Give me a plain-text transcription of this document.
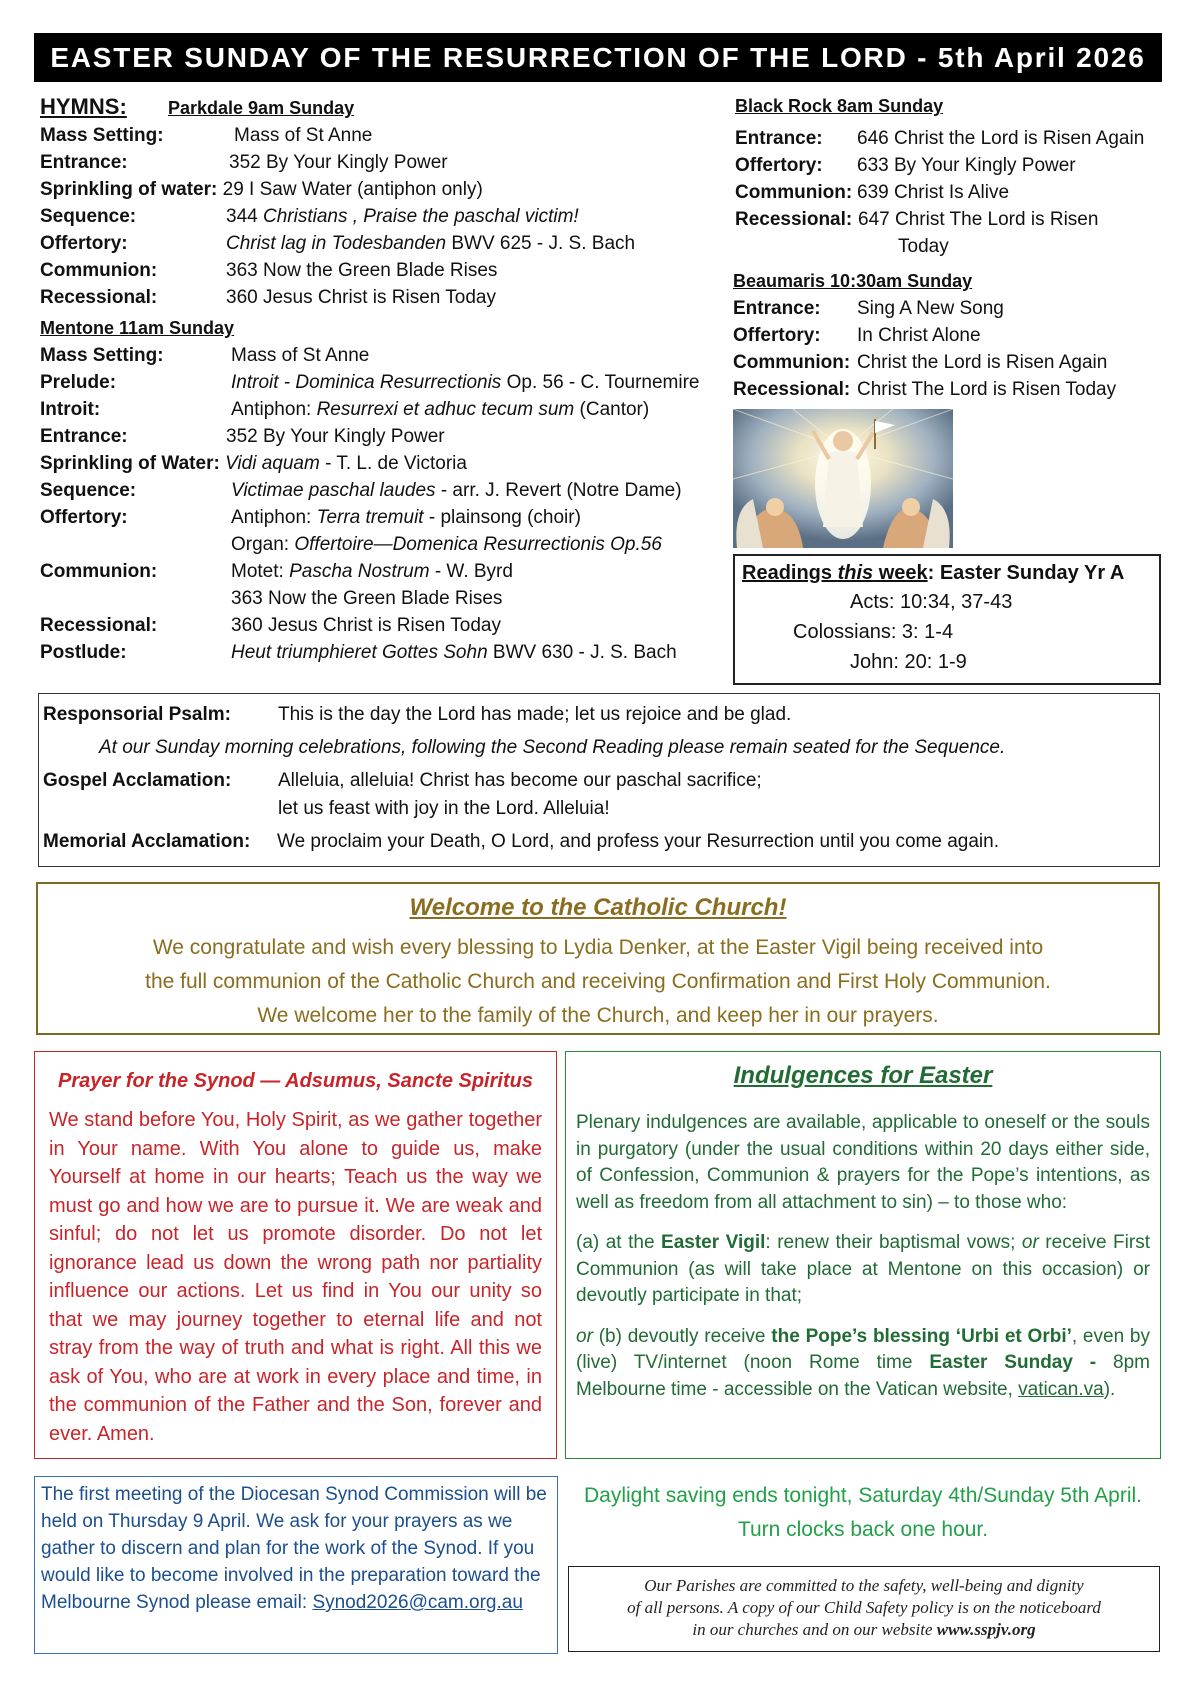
EASTER SUNDAY OF THE RESURRECTION OF THE LORD - 5th April 2026
HYMNS: Parkdale 9am Sunday
Mass Setting:	Mass of St Anne
Entrance:	352 By Your Kingly Power
Sprinkling of water: 29 I Saw Water (antiphon only)
Sequence:	344 Christians , Praise the paschal victim!
Offertory:	Christ lag in Todesbanden BWV 625 - J. S. Bach
Communion:	363 Now the Green Blade Rises
Recessional:	360 Jesus Christ is Risen Today
Mentone 11am Sunday
Mass Setting:	Mass of St Anne
Prelude:	Introit - Dominica Resurrectionis Op. 56 - C. Tournemire
Introit:	Antiphon: Resurrexi et adhuc tecum sum (Cantor)
Entrance:	352 By Your Kingly Power
Sprinkling of Water: Vidi aquam - T. L. de Victoria
Sequence:	Victimae paschal laudes - arr. J. Revert (Notre Dame)
Offertory:	Antiphon: Terra tremuit - plainsong (choir)
Organ: Offertoire—Domenica Resurrectionis Op.56
Communion:	Motet: Pascha Nostrum - W. Byrd
363 Now the Green Blade Rises
Recessional:	360 Jesus Christ is Risen Today
Postlude:	Heut triumphieret Gottes Sohn BWV 630 - J. S. Bach
Black Rock 8am Sunday
Entrance: 646 Christ the Lord is Risen Again
Offertory: 633 By Your Kingly Power
Communion: 639 Christ Is Alive
Recessional: 647 Christ The Lord is Risen
Today
Beaumaris 10:30am Sunday
Entrance: Sing A New Song
Offertory: In Christ Alone
Communion: Christ the Lord is Risen Again
Recessional: Christ The Lord is Risen Today
Readings this week: Easter Sunday Yr A
Acts: 10:34, 37-43
Colossians: 3: 1-4
John: 20: 1-9
Responsorial Psalm: This is the day the Lord has made; let us rejoice and be glad.
At our Sunday morning celebrations, following the Second Reading please remain seated for the Sequence.
Gospel Acclamation: Alleluia, alleluia! Christ has become our paschal sacrifice;
let us feast with joy in the Lord. Alleluia!
Memorial Acclamation: We proclaim your Death, O Lord, and profess your Resurrection until you come again.
Welcome to the Catholic Church!
We congratulate and wish every blessing to Lydia Denker, at the Easter Vigil being received into
the full communion of the Catholic Church and receiving Confirmation and First Holy Communion.
We welcome her to the family of the Church, and keep her in our prayers.
Prayer for the Synod — Adsumus, Sancte Spiritus
We stand before You, Holy Spirit, as we gather together in Your name. With You alone to guide us, make Yourself at home in our hearts; Teach us the way we must go and how we are to pursue it. We are weak and sinful; do not let us promote disorder. Do not let ignorance lead us down the wrong path nor partiality influence our actions. Let us find in You our unity so that we may journey together to eternal life and not stray from the way of truth and what is right. All this we ask of You, who are at work in every place and time, in the communion of the Father and the Son, forever and ever. Amen.
Indulgences for Easter

Plenary indulgences are available, applicable to oneself or the souls in purgatory (under the usual conditions within 20 days either side, of Confession, Communion & prayers for the Pope’s intentions, as well as freedom from all attachment to sin) – to those who:

(a) at the Easter Vigil: renew their baptismal vows; or receive First Communion (as will take place at Mentone on this occasion) or devoutly participate in that;

or (b) devoutly receive the Pope’s blessing ‘Urbi et Orbi’, even by (live) TV/internet (noon Rome time Easter Sunday - 8pm Melbourne time - accessible on the Vatican website, vatican.va).

The first meeting of the Diocesan Synod Commission will be held on Thursday 9 April. We ask for your prayers as we gather to discern and plan for the work of the Synod. If you would like to become involved in the preparation toward the Melbourne Synod please email: Synod2026@cam.org.au
Daylight saving ends tonight, Saturday 4th/Sunday 5th April.
Turn clocks back one hour.
Our Parishes are committed to the safety, well-being and dignity
of all persons. A copy of our Child Safety policy is on the noticeboard
in our churches and on our website www.sspjv.org
